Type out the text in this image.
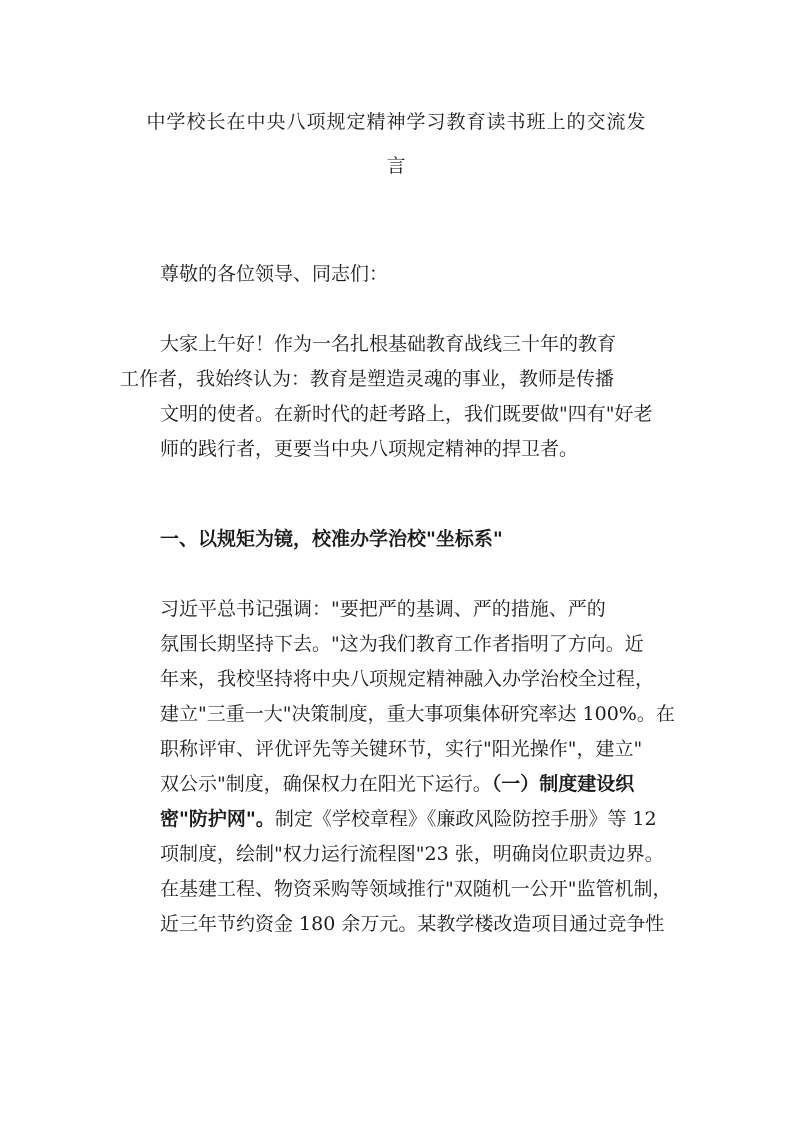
中学校长在中央八项规定精神学习教育读书班上的交流发
言

尊敬的各位领导、同志们：

大家上午好！作为一名扎根基础教育战线三十年的教育
工作者，我始终认为：教育是塑造灵魂的事业，教师是传播
文明的使者。在新时代的赶考路上，我们既要做"四有"好老
师的践行者，更要当中央八项规定精神的捍卫者。

一、以规矩为镜，校准办学治校"坐标系"

习近平总书记强调："要把严的基调、严的措施、严的
氛围长期坚持下去。"这为我们教育工作者指明了方向。近
年来，我校坚持将中央八项规定精神融入办学治校全过程，
建立"三重一大"决策制度，重大事项集体研究率达 100%。在
职称评审、评优评先等关键环节，实行"阳光操作"，建立"
双公示"制度，确保权力在阳光下运行。（一）制度建设织
密"防护网"。制定《学校章程》《廉政风险防控手册》等 12
项制度，绘制"权力运行流程图"23 张，明确岗位职责边界。
在基建工程、物资采购等领域推行"双随机一公开"监管机制，
近三年节约资金 180 余万元。某教学楼改造项目通过竞争性
